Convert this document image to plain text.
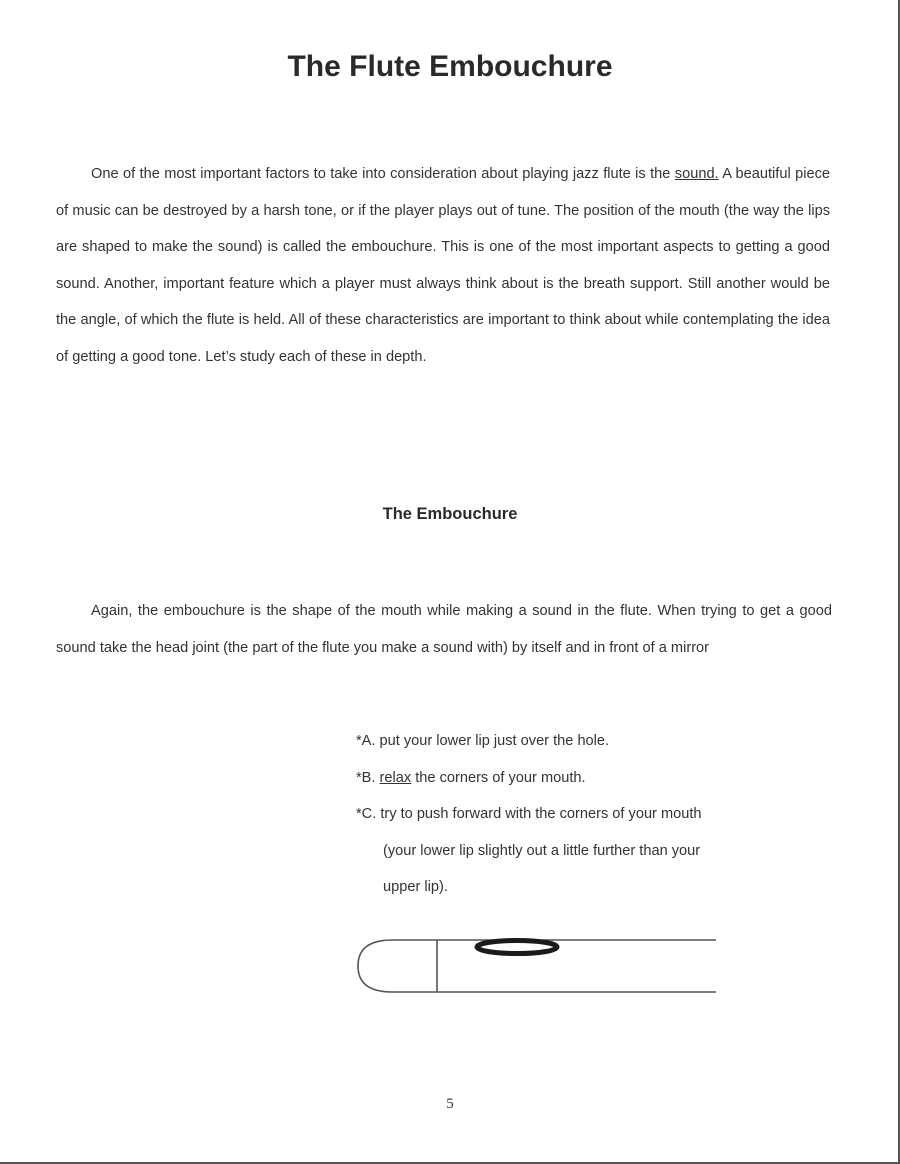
The Flute Embouchure

One of the most important factors to take into consideration about playing jazz flute is the sound. A beautiful piece of music can be destroyed by a harsh tone, or if the player plays out of tune. The position of the mouth (the way the lips are shaped to make the sound) is called the embouchure. This is one of the most important aspects to getting a good sound. Another, important feature which a player must always think about is the breath support. Still another would be the angle, of which the flute is held. All of these characteristics are important to think about while contemplating the idea of getting a good tone. Let’s study each of these in depth.

The Embouchure

Again, the embouchure is the shape of the mouth while making a sound in the flute. When trying to get a good sound take the head joint (the part of the flute you make a sound with) by itself and in front of a mirror

*A. put your lower lip just over the hole.
*B. relax the corners of your mouth.
*C. try to push forward with the corners of your mouth
(your lower lip slightly out a little further than your
upper lip).
5
